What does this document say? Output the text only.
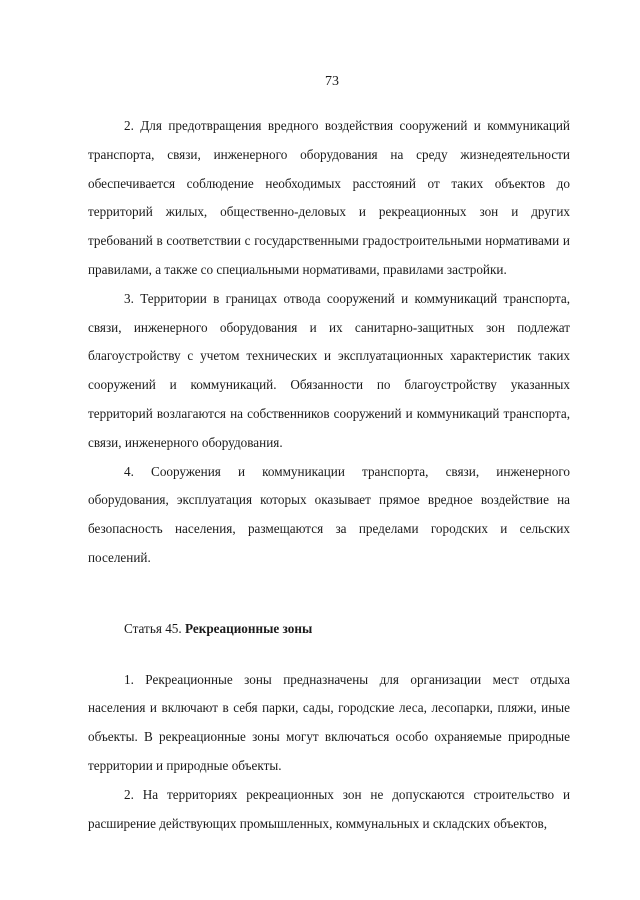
73

2. Для предотвращения вредного воздействия сооружений и коммуникаций транспорта, связи, инженерного оборудования на среду жизнедеятельности обеспечивается соблюдение необходимых расстояний от таких объектов до территорий жилых, общественно-деловых и рекреационных зон и других требований в соответствии с государственными градостроительными нормативами и правилами, а также со специальными нормативами, правилами застройки.

3. Территории в границах отвода сооружений и коммуникаций транспорта, связи, инженерного оборудования и их санитарно-защитных зон подлежат благоустройству с учетом технических и эксплуатационных характеристик таких сооружений и коммуникаций. Обязанности по благоустройству указанных территорий возлагаются на собственников сооружений и коммуникаций транспорта, связи, инженерного оборудования.

4. Сооружения и коммуникации транспорта, связи, инженерного оборудования, эксплуатация которых оказывает прямое вредное воздействие на безопасность населения, размещаются за пределами городских и сельских поселений.

Статья 45. Рекреационные зоны

1. Рекреационные зоны предназначены для организации мест отдыха населения и включают в себя парки, сады, городские леса, лесопарки, пляжи, иные объекты. В рекреационные зоны могут включаться особо охраняемые природные территории и природные объекты.

2. На территориях рекреационных зон не допускаются строительство и расширение действующих промышленных, коммунальных и складских объектов,
